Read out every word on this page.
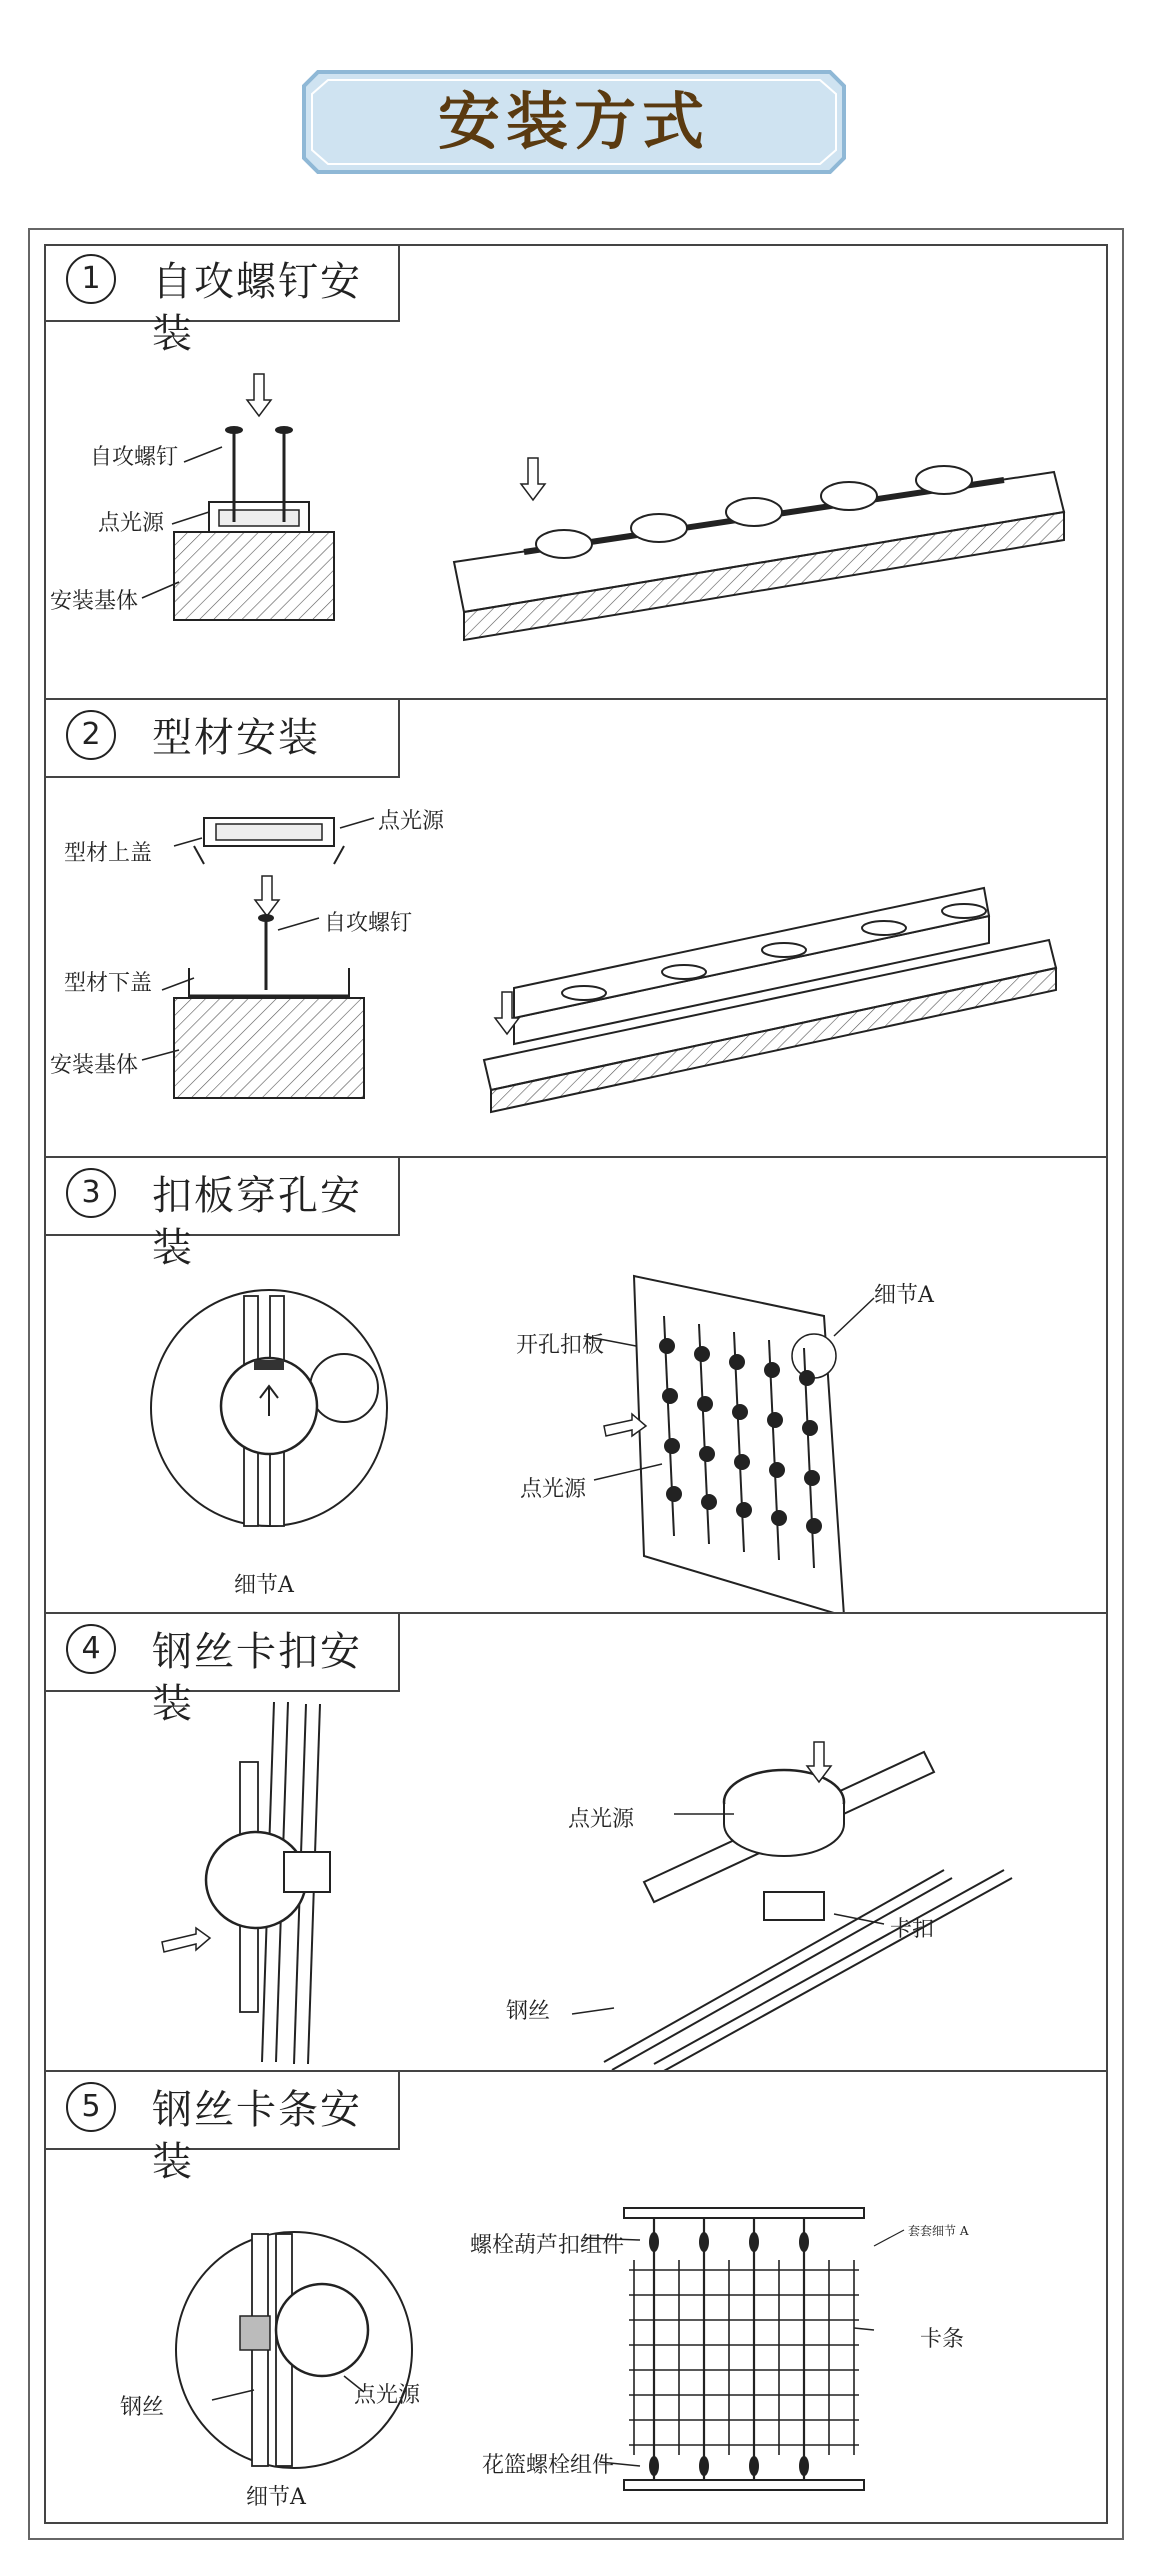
安装方式
1	自攻螺钉安装
自攻螺钉
点光源
安装基体
2	型材安装
点光源
型材上盖
自攻螺钉
型材下盖
安装基体
3	扣板穿孔安装
开孔扣板
细节A
点光源
细节A
4	钢丝卡扣安装
点光源
卡扣
钢丝
5	钢丝卡条安装
螺栓葫芦扣组件
套套细节 A
卡条
花篮螺栓组件
钢丝	点光源
细节A
